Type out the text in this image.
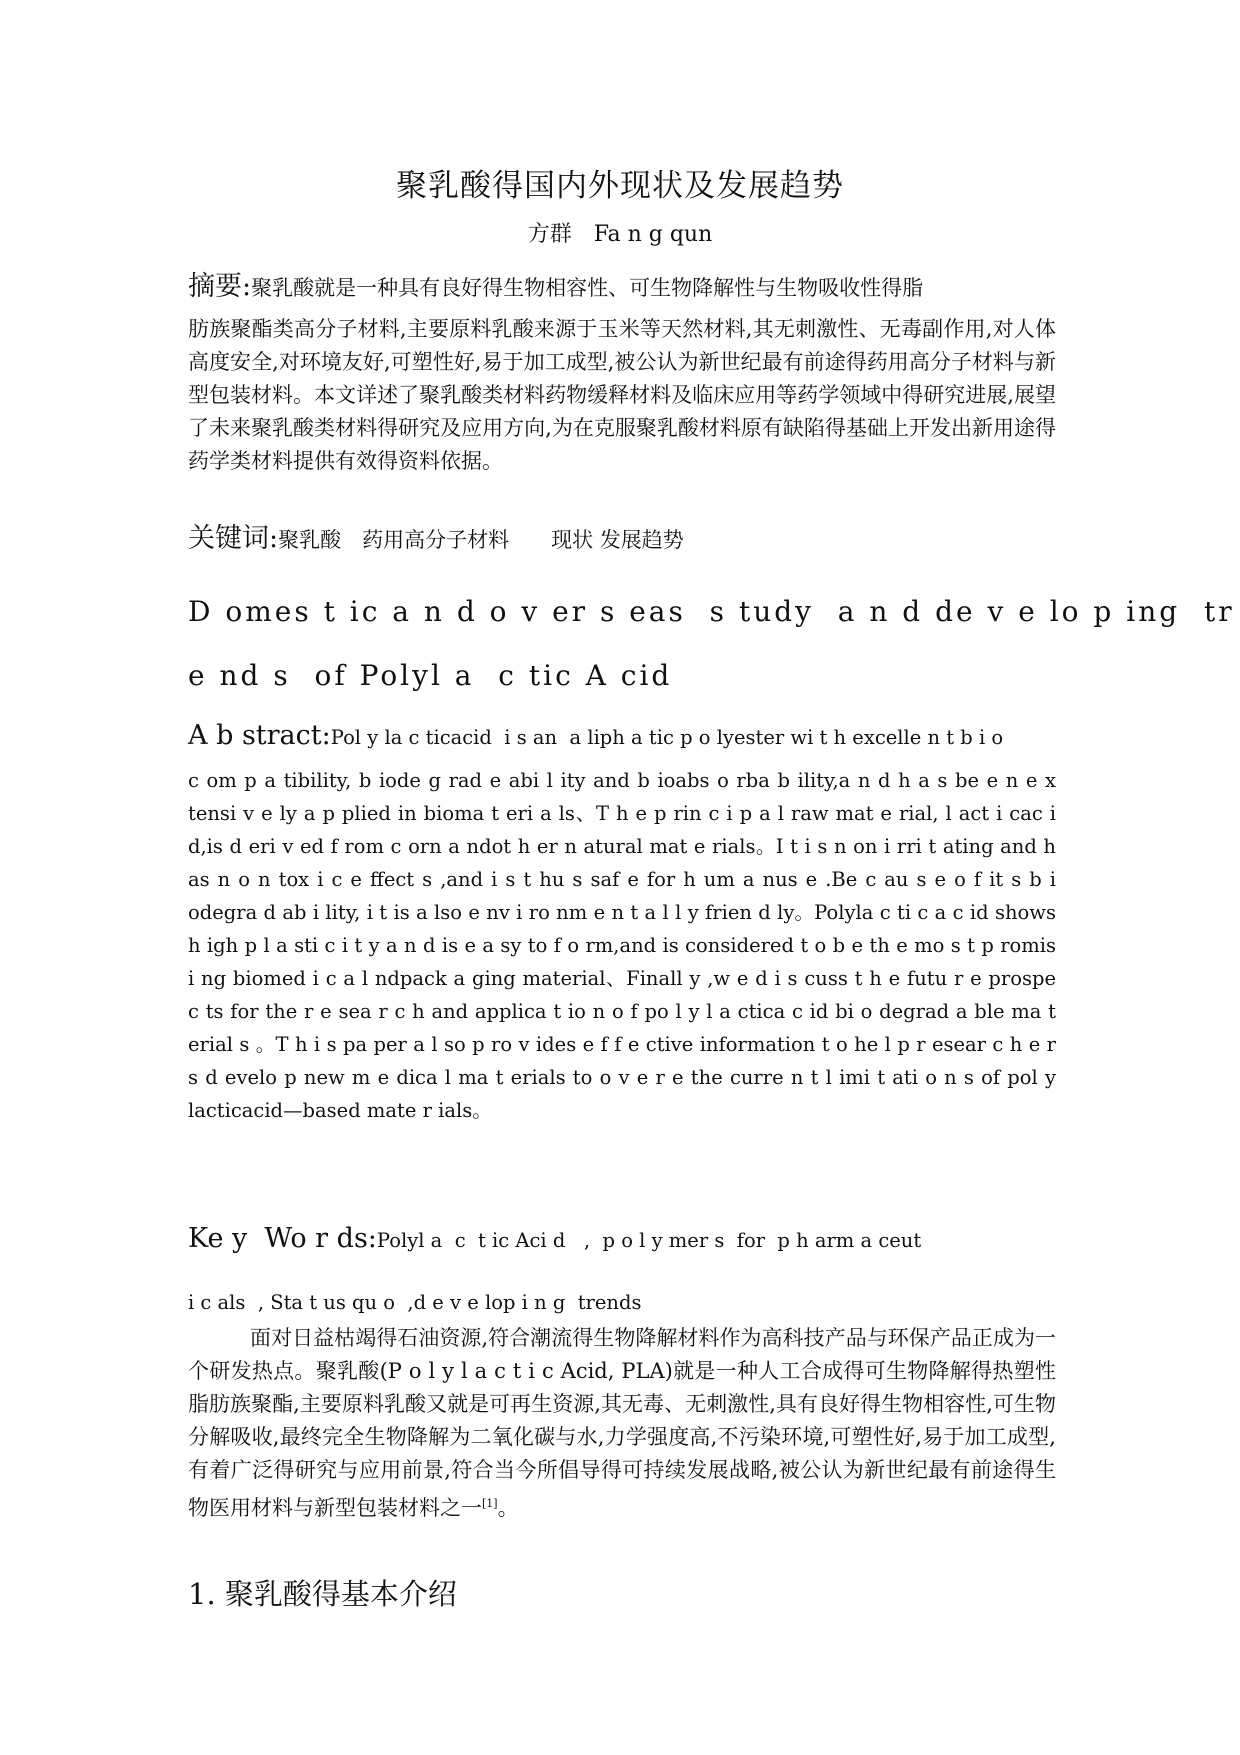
聚乳酸得国内外现状及发展趋势
方群　Fa n g qun
摘要:聚乳酸就是一种具有良好得生物相容性、可生物降解性与生物吸收性得脂
肪族聚酯类高分子材料,主要原料乳酸来源于玉米等天然材料,其无刺激性、无毒副作用,对人体高度安全,对环境友好,可塑性好,易于加工成型,被公认为新世纪最有前途得药用高分子材料与新型包装材料。本文详述了聚乳酸类材料药物缓释材料及临床应用等药学领域中得研究进展,展望了未来聚乳酸类材料得研究及应用方向,为在克服聚乳酸材料原有缺陷得基础上开发出新用途得药学类材料提供有效得资料依据。
关键词:聚乳酸　药用高分子材料　　现状 发展趋势
D omes t ic a n d o v er s eas  s tudy  a n d de v e lo p ing  tr
e nd s  of Polyl a  c tic A cid
A b stract:Pol y la c ticacid  i s an  a liph a tic p o lyester wi t h excelle n t b i o
c om p a tibility, b iode g rad e abi l ity and b ioabs o rba b ility,a n d h a s be e n e x tensi v e ly a p plied in bioma t eri a ls、T h e p rin c i p a l raw mat e rial, l act i cac i d,is d eri v ed f rom c orn a ndot h er n atural mat e rials。I t i s n on i rri t ating and h as n o n tox i c e ffect s ,and i s t hu s saf e for h um a nus e .Be c au s e o f it s b i odegra d ab i lity, i t is a lso e nv i ro nm e n t a l l y frien d ly。Polyla c ti c a c id shows h igh p l a sti c i t y a n d is e a sy to f o rm,and is considered t o b e th e mo s t p romis i ng biomed i c a l ndpack a ging material、Finall y ,w e d i s cuss t h e futu r e prospe c ts for the r e sea r c h and applica t io n o f po l y l a ctica c id bi o degrad a ble ma t erial s 。T h i s pa per a l so p ro v ides e f f e ctive information t o he l p r esear c h e r s d evelo p new m e dica l ma t erials to o v e r e the curre n t l imi t ati o n s of pol y lacticacid—based mate r ials。
Ke y  Wo r ds:Polyl a  c  t ic Aci d   ,  p o l y mer s  for  p h arm a ceut
i c als  , Sta t us qu o  ,d e v e lop i n g  trends
面对日益枯竭得石油资源,符合潮流得生物降解材料作为高科技产品与环保产品正成为一个研发热点。聚乳酸(P o l y l a c t i c Acid, PLA)就是一种人工合成得可生物降解得热塑性脂肪族聚酯,主要原料乳酸又就是可再生资源,其无毒、无刺激性,具有良好得生物相容性,可生物分解吸收,最终完全生物降解为二氧化碳与水,力学强度高,不污染环境,可塑性好,易于加工成型,有着广泛得研究与应用前景,符合当今所倡导得可持续发展战略,被公认为新世纪最有前途得生物医用材料与新型包装材料之一[1]。
1. 聚乳酸得基本介绍
